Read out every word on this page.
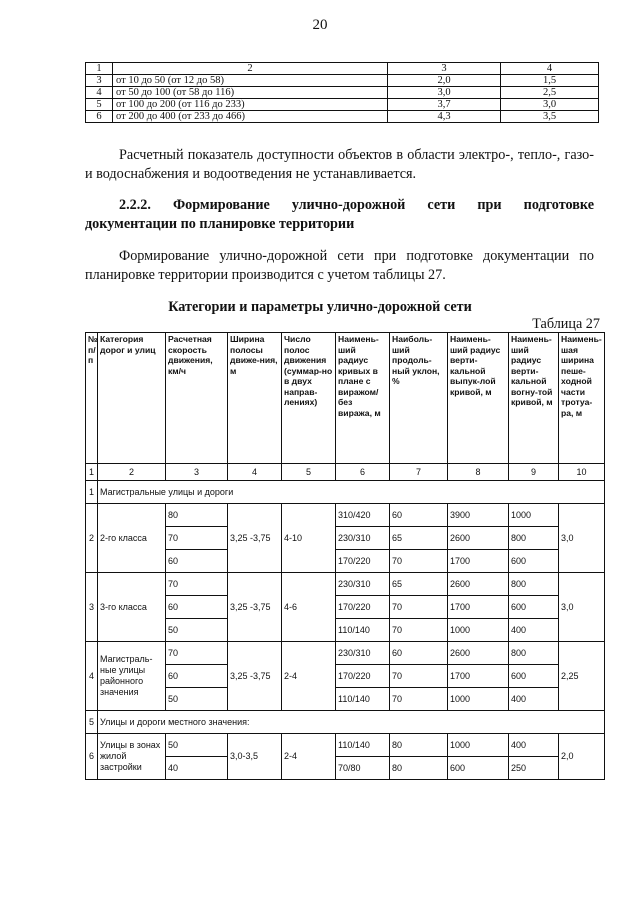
20
1	2	3	4
3	от 10 до 50 (от 12 до 58)	2,0	1,5
4	от 50 до 100 (от 58 до 116)	3,0	2,5
5	от 100 до 200 (от 116 до 233)	3,7	3,0
6	от 200 до 400 (от 233 до 466)	4,3	3,5
Расчетный показатель доступности объектов в области электро-, тепло-, газо- и водоснабжения и водоотведения не устанавливается.
2.2.2. Формирование улично-дорожной сети при подготовке
документации по планировке территории
Формирование улично-дорожной сети при подготовке документации по планировке территории производится с учетом таблицы 27.
Категории и параметры улично-дорожной сети
Таблица 27
№ п/п	Категория дорог и улиц	Расчетная скорость движения, км/ч	Ширина полосы движе-ния, м	Число полос движения (суммар-но в двух направ-лениях)	Наимень-ший радиус кривых в плане с виражом/ без виража, м	Наиболь-ший продоль-ный уклон, %	Наимень-ший радиус верти-кальной выпук-лой кривой, м	Наимень-ший радиус верти-кальной вогну-той кривой, м	Наимень-шая ширина пеше-ходной части тротуа-ра, м
1	2	3	4	5	6	7	8	9	10
1	Магистральные улицы и дороги								
2	2-го класса	80	3,25 -3,75	4-10	310/420	60	3900	1000	3,0
		70			230/310	65	2600	800	
		60			170/220	70	1700	600	
3	3-го класса	70	3,25 -3,75	4-6	230/310	65	2600	800	3,0
		60			170/220	70	1700	600	
		50			110/140	70	1000	400	
4	Магистраль-ные улицы районного значения	70	3,25 -3,75	2-4	230/310	60	2600	800	2,25
		60			170/220	70	1700	600	
		50			110/140	70	1000	400	
5	Улицы и дороги местного значения:								
6	Улицы в зонах жилой застройки	50	3,0-3,5	2-4	110/140	80	1000	400	2,0
		40			70/80	80	600	250	
